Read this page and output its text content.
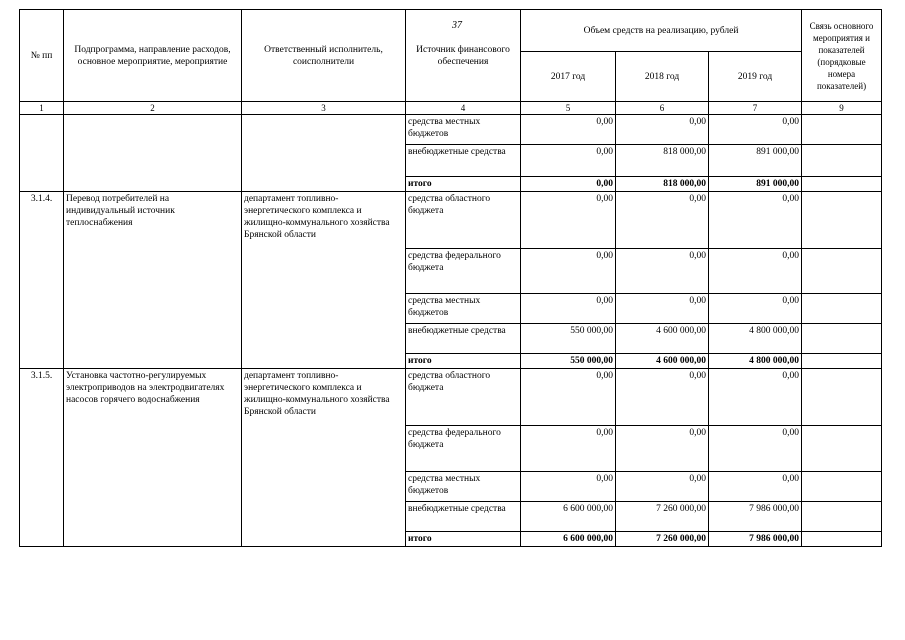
37
№ пп	Подпрограмма, направление расходов, основное мероприятие, мероприятие	Ответственный исполнитель, соисполнители	Источник финансового обеспечения	Объем средств на реализацию, рублей			Связь основного мероприятия и показателей (порядковые номера показателей)
				2017 год	2018 год	2019 год	
1	2	3	4	5	6	7	9
			средства местных бюджетов	0,00	0,00	0,00	
			внебюджетные средства	0,00	818 000,00	891 000,00	
			итого	0,00	818 000,00	891 000,00	
3.1.4.	Перевод потребителей на индивидуальный источник теплоснабжения	департамент топливно-энергетического комплекса и жилищно-коммунального хозяйства Брянской области	средства областного бюджета	0,00	0,00	0,00	
			средства федерального бюджета	0,00	0,00	0,00	
			средства местных бюджетов	0,00	0,00	0,00	
			внебюджетные средства	550 000,00	4 600 000,00	4 800 000,00	
			итого	550 000,00	4 600 000,00	4 800 000,00	
3.1.5.	Установка частотно-регулируемых электроприводов на электродвигателях насосов горячего водоснабжения	департамент топливно-энергетического комплекса и жилищно-коммунального хозяйства Брянской области	средства областного бюджета	0,00	0,00	0,00	
			средства федерального бюджета	0,00	0,00	0,00	
			средства местных бюджетов	0,00	0,00	0,00	
			внебюджетные средства	6 600 000,00	7 260 000,00	7 986 000,00	
			итого	6 600 000,00	7 260 000,00	7 986 000,00	
